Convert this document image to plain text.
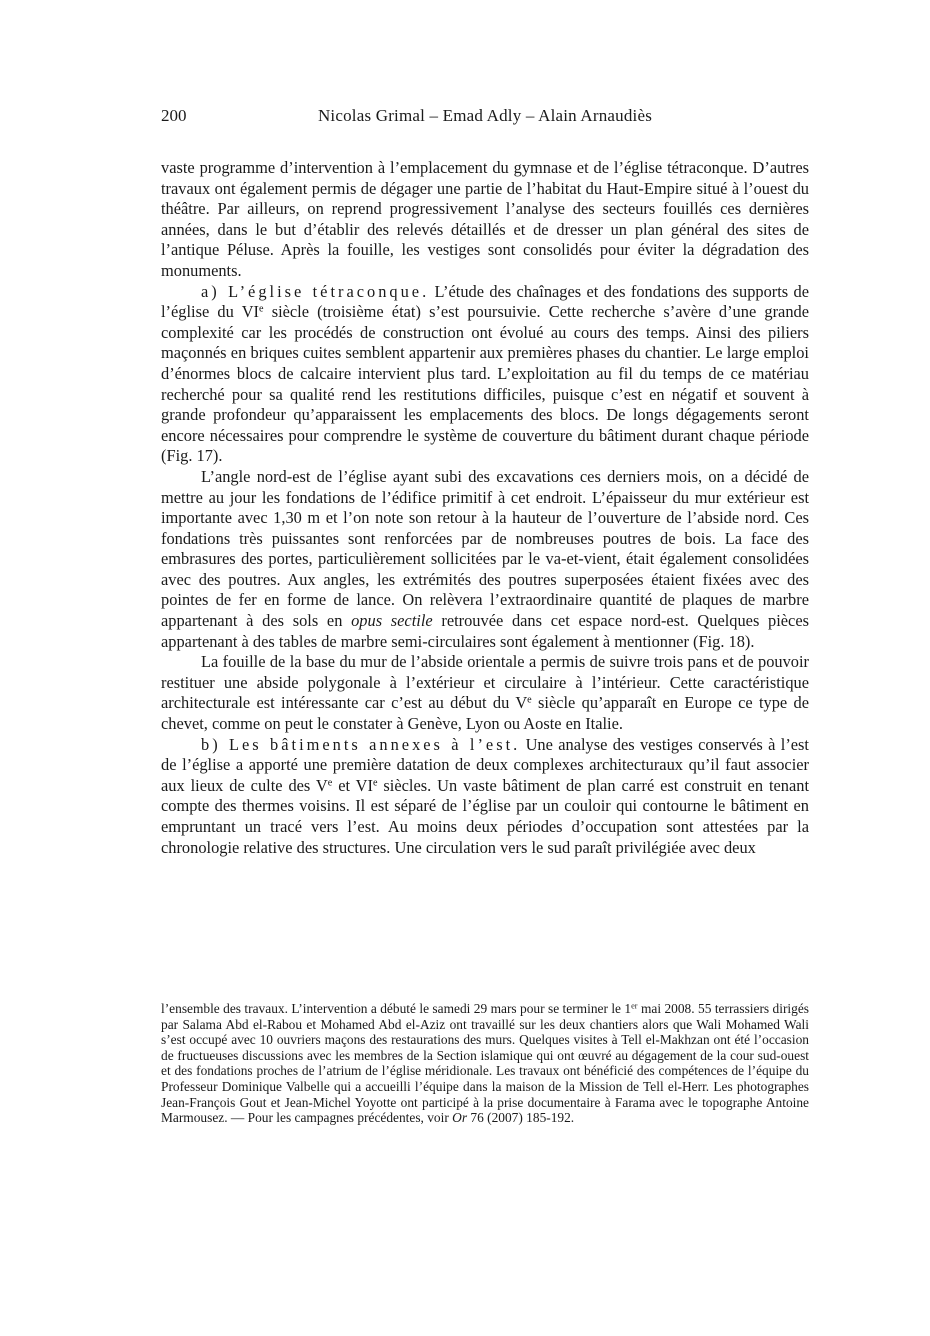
200	Nicolas Grimal – Emad Adly – Alain Arnaudiès

vaste programme d’intervention à l’emplacement du gymnase et de l’église tétraconque. D’autres travaux ont également permis de dégager une partie de l’habitat du Haut-Empire situé à l’ouest du théâtre. Par ailleurs, on reprend progressivement l’analyse des secteurs fouillés ces dernières années, dans le but d’établir des relevés détaillés et de dresser un plan général des sites de l’antique Péluse. Après la fouille, les vestiges sont consolidés pour éviter la dégradation des monuments.

a) L’église tétraconque. L’étude des chaînages et des fondations des supports de l’église du VIe siècle (troisième état) s’est poursuivie. Cette recherche s’avère d’une grande complexité car les procédés de construction ont évolué au cours des temps. Ainsi des piliers maçonnés en briques cuites semblent appartenir aux premières phases du chantier. Le large emploi d’énormes blocs de calcaire intervient plus tard. L’exploitation au fil du temps de ce matériau recherché pour sa qualité rend les restitutions difficiles, puisque c’est en négatif et souvent à grande profondeur qu’apparaissent les emplacements des blocs. De longs dégagements seront encore nécessaires pour comprendre le système de couverture du bâtiment durant chaque période (Fig. 17).

L’angle nord-est de l’église ayant subi des excavations ces derniers mois, on a décidé de mettre au jour les fondations de l’édifice primitif à cet endroit. L’épaisseur du mur extérieur est importante avec 1,30 m et l’on note son retour à la hauteur de l’ouverture de l’abside nord. Ces fondations très puissantes sont renforcées par de nombreuses poutres de bois. La face des embrasures des portes, particulièrement sollicitées par le va-et-vient, était également consolidées avec des poutres. Aux angles, les extrémités des poutres superposées étaient fixées avec des pointes de fer en forme de lance. On relèvera l’extraordinaire quantité de plaques de marbre appartenant à des sols en opus sectile retrouvée dans cet espace nord-est. Quelques pièces appartenant à des tables de marbre semi-circulaires sont également à mentionner (Fig. 18).

La fouille de la base du mur de l’abside orientale a permis de suivre trois pans et de pouvoir restituer une abside polygonale à l’extérieur et circulaire à l’intérieur. Cette caractéristique architecturale est intéressante car c’est au début du Ve siècle qu’apparaît en Europe ce type de chevet, comme on peut le constater à Genève, Lyon ou Aoste en Italie.

b) Les bâtiments annexes à l’est. Une analyse des vestiges conservés à l’est de l’église a apporté une première datation de deux complexes architecturaux qu’il faut associer aux lieux de culte des Ve et VIe siècles. Un vaste bâtiment de plan carré est construit en tenant compte des thermes voisins. Il est séparé de l’église par un couloir qui contourne le bâtiment en empruntant un tracé vers l’est. Au moins deux périodes d’occupation sont attestées par la chronologie relative des structures. Une circulation vers le sud paraît privilégiée avec deux

l’ensemble des travaux. L’intervention a débuté le samedi 29 mars pour se terminer le 1er mai 2008. 55 terrassiers dirigés par Salama Abd el-Rabou et Mohamed Abd el-Aziz ont travaillé sur les deux chantiers alors que Wali Mohamed Wali s’est occupé avec 10 ouvriers maçons des restaurations des murs. Quelques visites à Tell el-Makhzan ont été l’occasion de fructueuses discussions avec les membres de la Section islamique qui ont œuvré au dégagement de la cour sud-ouest et des fondations proches de l’atrium de l’église méridionale. Les travaux ont bénéficié des compétences de l’équipe du Professeur Dominique Valbelle qui a accueilli l’équipe dans la maison de la Mission de Tell el-Herr. Les photographes Jean-François Gout et Jean-Michel Yoyotte ont participé à la prise documentaire à Farama avec le topographe Antoine Marmousez. — Pour les campagnes précédentes, voir Or 76 (2007) 185-192.
